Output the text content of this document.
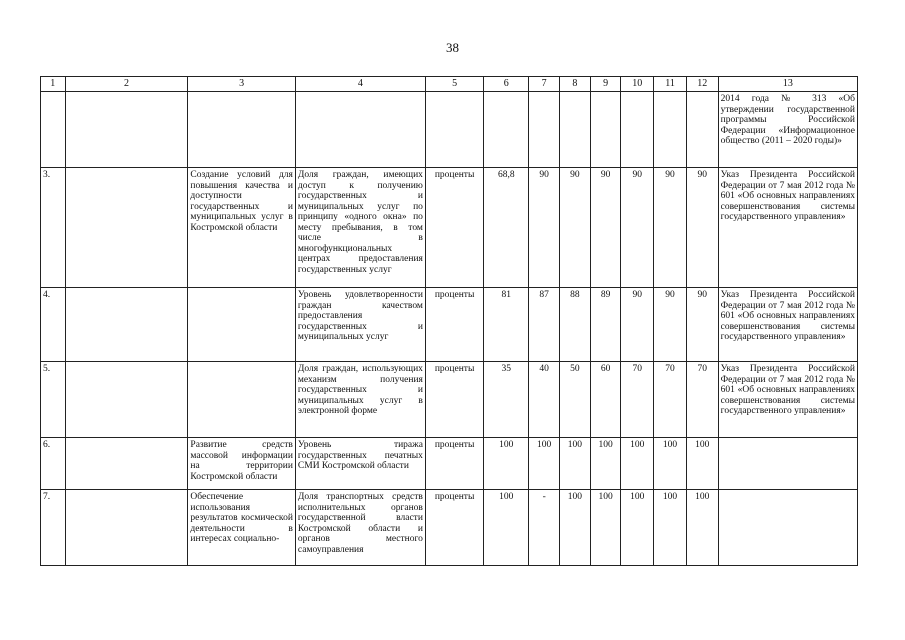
38
1	2	3	4	5	6	7	8	9	10	11	12	13
												2014 года № 313 «Об утверждении государственной программы Российской Федерации «Информационное общество (2011 – 2020 годы)»
3.		Создание условий для повышения качества и доступности государственных и муниципальных услуг в Костромской области	Доля граждан, имеющих доступ к получению государственных и муниципальных услуг по принципу «одного окна» по месту пребывания, в том числе в многофункциональных центрах предоставления государственных услуг	проценты	68,8	90	90	90	90	90	90	Указ Президента Российской Федерации от 7 мая 2012 года № 601 «Об основных направлениях совершенствования системы государственного управления»
4.			Уровень удовлетворенности граждан качеством предоставления государственных и муниципальных услуг	проценты	81	87	88	89	90	90	90	Указ Президента Российской Федерации от 7 мая 2012 года № 601 «Об основных направлениях совершенствования системы государственного управления»
5.			Доля граждан, использующих механизм получения государственных и муниципальных услуг в электронной форме	проценты	35	40	50	60	70	70	70	Указ Президента Российской Федерации от 7 мая 2012 года № 601 «Об основных направлениях совершенствования системы государственного управления»
6.		Развитие средств массовой информации на территории Костромской области	Уровень тиража государственных печатных СМИ Костромской области	проценты	100	100	100	100	100	100	100	
7.		Обеспечение использования результатов космической деятельности в интересах социально-	Доля транспортных средств исполнительных органов государственной власти Костромской области и органов местного самоуправления	проценты	100	-	100	100	100	100	100	
